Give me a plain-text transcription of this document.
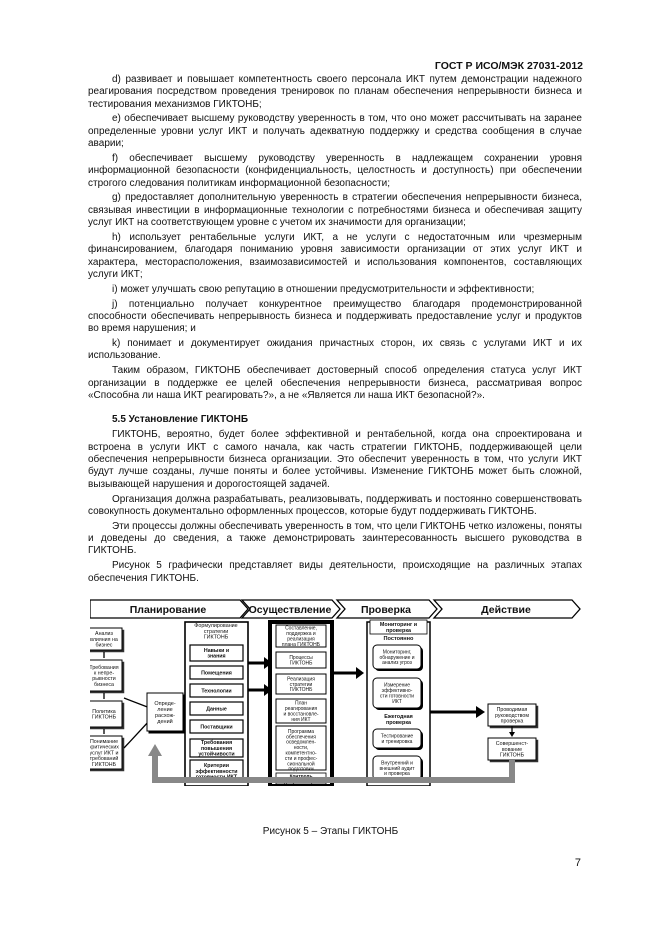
ГОСТ Р ИСО/МЭК 27031-2012

d) развивает и повышает компетентность своего персонала ИКТ путем демонстрации надежного реагирования посредством проведения тренировок по планам обеспечения непрерывности бизнеса и тестирования механизмов ГИКТОНБ;

e) обеспечивает высшему руководству уверенность в том, что оно может рассчитывать на заранее определенные уровни услуг ИКТ и получать адекватную поддержку и средства сообщения в случае аварии;

f) обеспечивает высшему руководству уверенность в надлежащем сохранении уровня информационной безопасности (конфиденциальность, целостность и доступность) при обеспечении строгого следования политикам информационной безопасности;

g) предоставляет дополнительную уверенность в стратегии обеспечения непрерывности бизнеса, связывая инвестиции в информационные технологии с потребностями бизнеса и обеспечивая защиту услуг ИКТ на соответствующем уровне с учетом их значимости для организации;

h) использует рентабельные услуги ИКТ, а не услуги с недостаточным или чрезмерным финансированием, благодаря пониманию уровня зависимости организации от этих услуг ИКТ и характера, месторасположения, взаимозависимостей и использования компонентов, составляющих услуги ИКТ;

i) может улучшать свою репутацию в отношении предусмотрительности и эффективности;

j) потенциально получает конкурентное преимущество благодаря продемонстрированной способности обеспечивать непрерывность бизнеса и поддерживать предоставление услуг и продуктов во время нарушения; и

k) понимает и документирует ожидания причастных сторон, их связь с услугами ИКТ и их использование.

Таким образом, ГИКТОНБ обеспечивает достоверный способ определения статуса услуг ИКТ организации в поддержке ее целей обеспечения непрерывности бизнеса, рассматривая вопрос «Способна ли наша ИКТ реагировать?», а не «Является ли наша ИКТ безопасной?».

5.5 Установление ГИКТОНБ

ГИКТОНБ, вероятно, будет более эффективной и рентабельной, когда она спроектирована и встроена в услуги ИКТ с самого начала, как часть стратегии ГИКТОНБ, поддерживающей цели обеспечения непрерывности бизнеса организации. Это обеспечит уверенность в том, что услуги ИКТ будут лучше созданы, лучше поняты и более устойчивы. Изменение ГИКТОНБ может быть сложной, вызывающей нарушения и дорогостоящей задачей.

Организация должна разрабатывать, реализовывать, поддерживать и постоянно совершенствовать совокупность документально оформленных процессов, которые будут поддерживать ГИКТОНБ.

Эти процессы должны обеспечивать уверенность в том, что цели ГИКТОНБ четко изложены, поняты и доведены до сведения, а также демонстрировать заинтересованность высшего руководства в ГИКТОНБ.

Рисунок 5 графически представляет виды деятельности, происходящие на различных этапах обеспечения ГИКТОНБ.

Планирование	Осуществление	Проверка	Действие
Анализ
влияния на
бизнес
Требования
к непре-
рывности
бизнеса
Политика
ГИКТОНБ
Понимание
критических
услуг ИКТ и
требований
ГИКТОНБ
Опреде-
ление
расхож-
дений
Формулирование
стратегии
ГИКТОНБ
Навыки и
знания
Помещения
Технологии
Данные
Поставщики
Требования
повышения
устойчивости
Критерии
эффективности
готовности ИКТ
Составление,
поддержка и
реализация
плана ГИКТОНБ
Процессы
ГИКТОНБ
Реализация
стратегии
ГИКТОНБ
План
реагирования
и восстановле-
ния ИКТ
Программа
обеспечения
осведомлен-
ности,
компетентно-
сти и профес-
сиональной
подготовки
Контроль
документации
Мониторинг и
проверка
Постоянно
Мониторинг,
обнаружение и
анализ угроз
Измерение
эффективно-
сти готовности
ИКТ
Ежегодная
проверка
Тестирование
и тренировка
Внутренний и
внешний аудит
и проверка
Проводимая
руководством
проверка
Совершенст-
вование
ГИКТОНБ
Рисунок 5 – Этапы ГИКТОНБ
7
